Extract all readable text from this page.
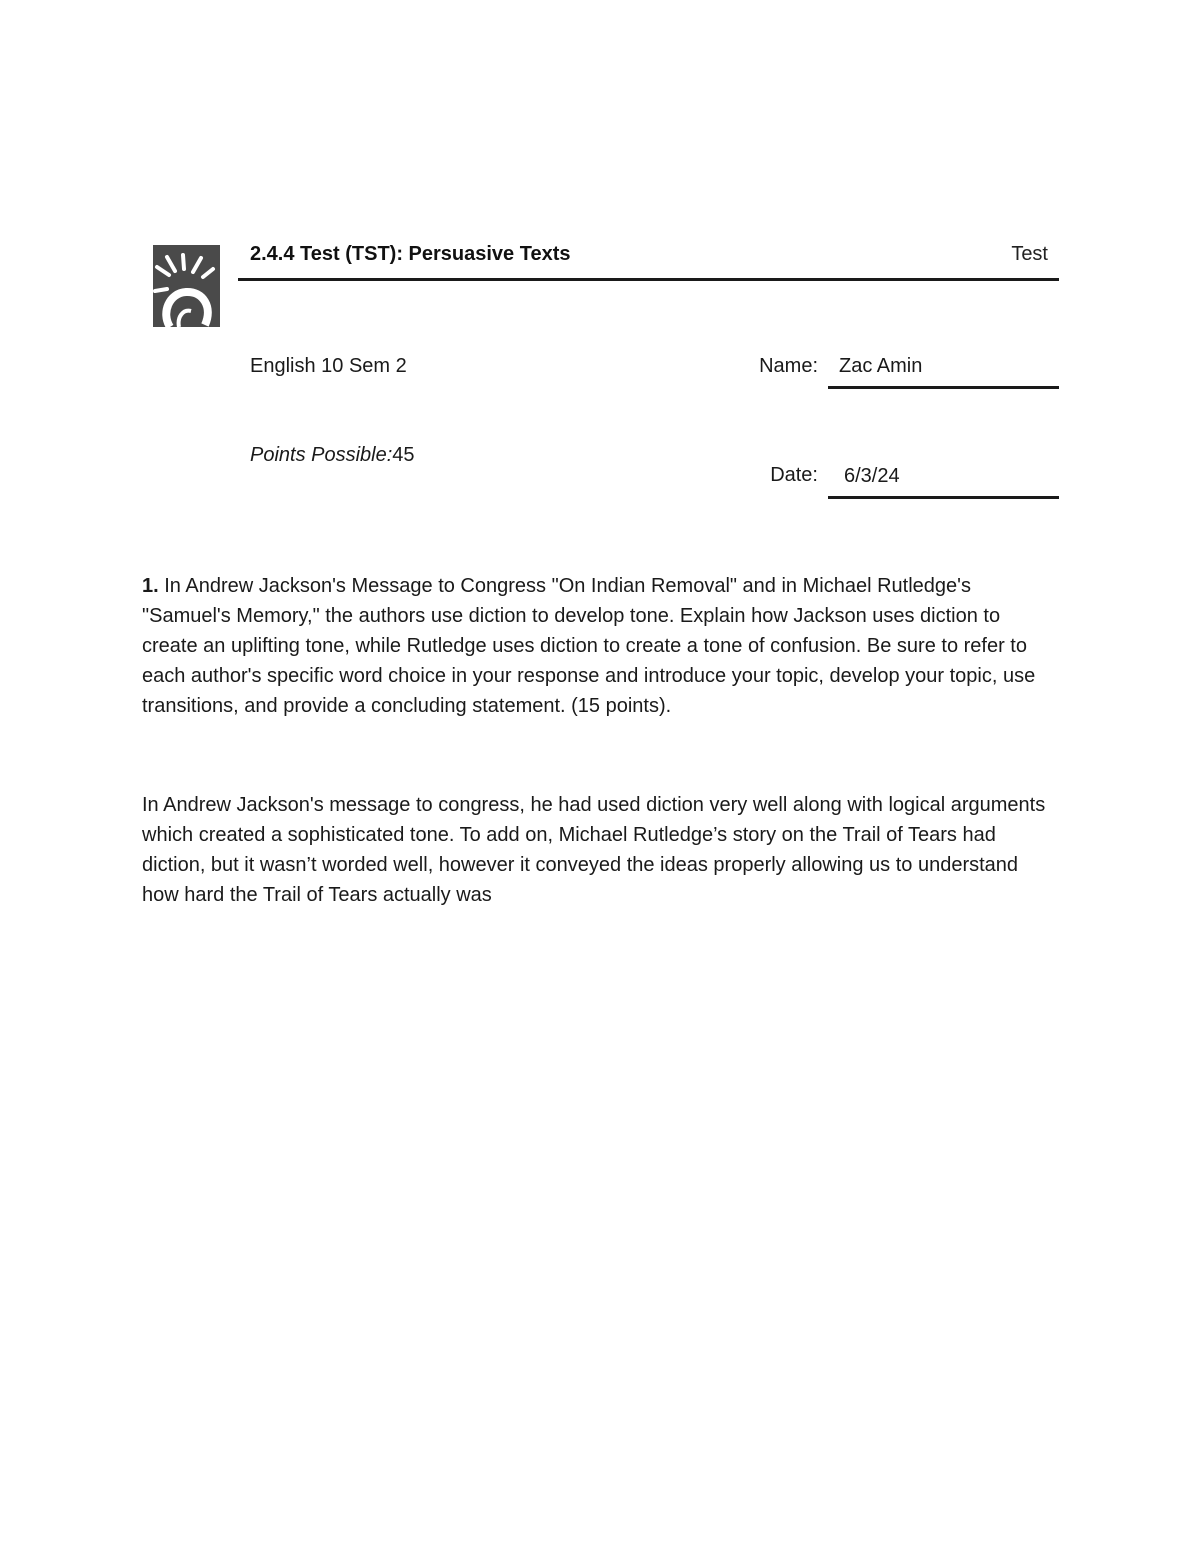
2.4.4 Test (TST): Persuasive Texts	Test
English 10 Sem 2
Points Possible:45
Name:	Zac Amin
Date:	6/3/24
1. In Andrew Jackson's Message to Congress "On Indian Removal" and in Michael Rutledge's "Samuel's Memory," the authors use diction to develop tone. Explain how Jackson uses diction to create an uplifting tone, while Rutledge uses diction to create a tone of confusion. Be sure to refer to each author's specific word choice in your response and introduce your topic, develop your topic, use transitions, and provide a concluding statement. (15 points).
In Andrew Jackson's message to congress, he had used diction very well along with logical arguments which created a sophisticated tone. To add on, Michael Rutledge’s story on the Trail of Tears had diction, but it wasn’t worded well, however it conveyed the ideas properly allowing us to understand how hard the Trail of Tears actually was
